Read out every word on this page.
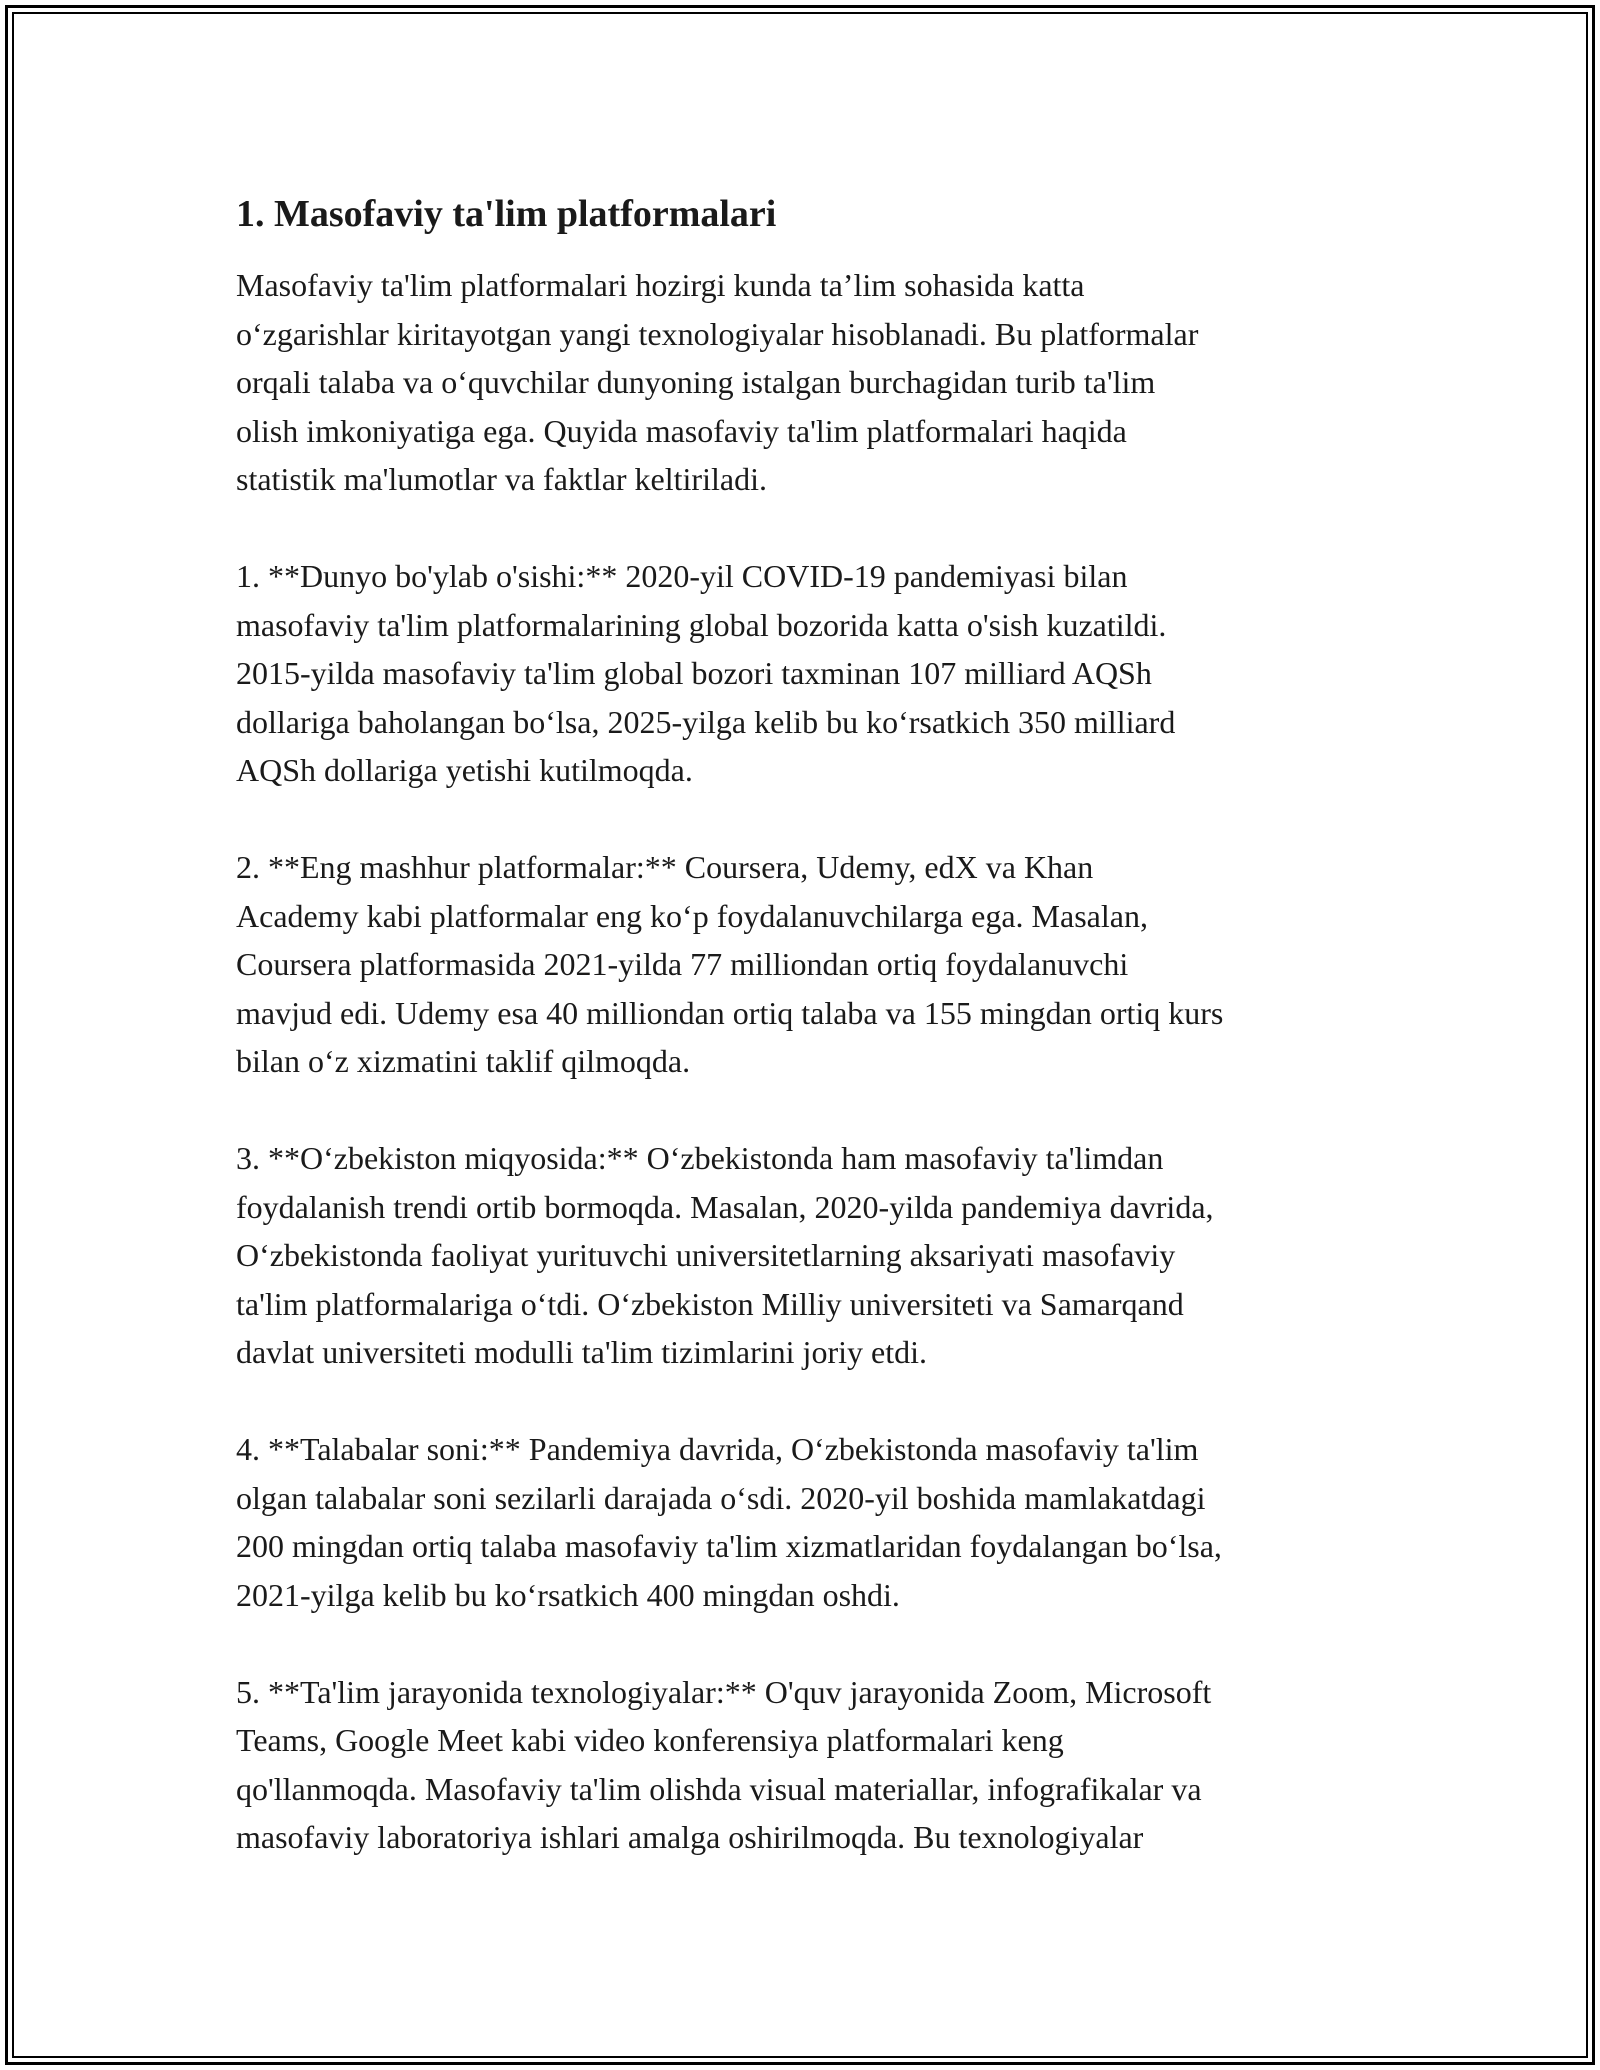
1. Masofaviy ta'lim platformalari

Masofaviy ta'lim platformalari hozirgi kunda ta’lim sohasida katta
o‘zgarishlar kiritayotgan yangi texnologiyalar hisoblanadi. Bu platformalar
orqali talaba va o‘quvchilar dunyoning istalgan burchagidan turib ta'lim
olish imkoniyatiga ega. Quyida masofaviy ta'lim platformalari haqida
statistik ma'lumotlar va faktlar keltiriladi.

1. **Dunyo bo'ylab o'sishi:** 2020-yil COVID-19 pandemiyasi bilan
masofaviy ta'lim platformalarining global bozorida katta o'sish kuzatildi.
2015-yilda masofaviy ta'lim global bozori taxminan 107 milliard AQSh
dollariga baholangan bo‘lsa, 2025-yilga kelib bu ko‘rsatkich 350 milliard
AQSh dollariga yetishi kutilmoqda.

2. **Eng mashhur platformalar:** Coursera, Udemy, edX va Khan
Academy kabi platformalar eng ko‘p foydalanuvchilarga ega. Masalan,
Coursera platformasida 2021-yilda 77 milliondan ortiq foydalanuvchi
mavjud edi. Udemy esa 40 milliondan ortiq talaba va 155 mingdan ortiq kurs
bilan o‘z xizmatini taklif qilmoqda.

3. **O‘zbekiston miqyosida:** O‘zbekistonda ham masofaviy ta'limdan
foydalanish trendi ortib bormoqda. Masalan, 2020-yilda pandemiya davrida,
O‘zbekistonda faoliyat yurituvchi universitetlarning aksariyati masofaviy
ta'lim platformalariga o‘tdi. O‘zbekiston Milliy universiteti va Samarqand
davlat universiteti modulli ta'lim tizimlarini joriy etdi.

4. **Talabalar soni:** Pandemiya davrida, O‘zbekistonda masofaviy ta'lim
olgan talabalar soni sezilarli darajada o‘sdi. 2020-yil boshida mamlakatdagi
200 mingdan ortiq talaba masofaviy ta'lim xizmatlaridan foydalangan bo‘lsa,
2021-yilga kelib bu ko‘rsatkich 400 mingdan oshdi.

5. **Ta'lim jarayonida texnologiyalar:** O'quv jarayonida Zoom, Microsoft
Teams, Google Meet kabi video konferensiya platformalari keng
qo'llanmoqda. Masofaviy ta'lim olishda visual materiallar, infografikalar va
masofaviy laboratoriya ishlari amalga oshirilmoqda. Bu texnologiyalar
